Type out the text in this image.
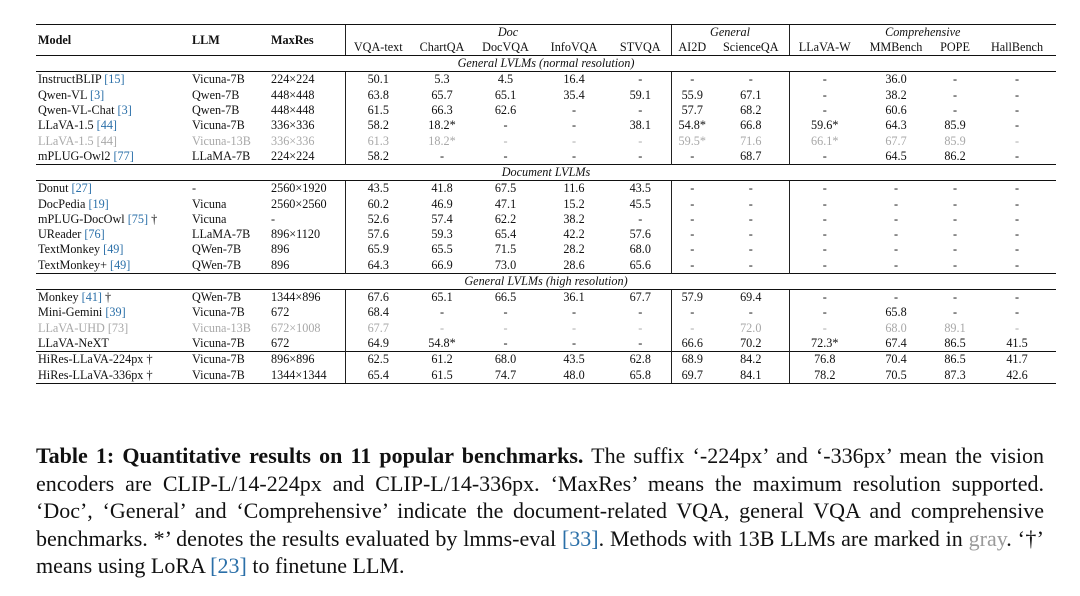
Model	LLM	MaxRes	Doc					General		Comprehensive			
			VQA-text	ChartQA	DocVQA	InfoVQA	STVQA	AI2D	ScienceQA	LLaVA-W	MMBench	POPE	HallBench
General LVLMs (normal resolution)													
InstructBLIP [15]	Vicuna-7B	224×224	50.1	5.3	4.5	16.4	-	-	-	-	36.0	-	-
Qwen-VL [3]	Qwen-7B	448×448	63.8	65.7	65.1	35.4	59.1	55.9	67.1	-	38.2	-	-
Qwen-VL-Chat [3]	Qwen-7B	448×448	61.5	66.3	62.6	-	-	57.7	68.2	-	60.6	-	-
LLaVA-1.5 [44]	Vicuna-7B	336×336	58.2	18.2*	-	-	38.1	54.8*	66.8	59.6*	64.3	85.9	-
LLaVA-1.5 [44]	Vicuna-13B	336×336	61.3	18.2*	-	-	-	59.5*	71.6	66.1*	67.7	85.9	-
mPLUG-Owl2 [77]	LLaMA-7B	224×224	58.2	-	-	-	-	-	68.7	-	64.5	86.2	-
Document LVLMs													
Donut [27]	-	2560×1920	43.5	41.8	67.5	11.6	43.5	-	-	-	-	-	-
DocPedia [19]	Vicuna	2560×2560	60.2	46.9	47.1	15.2	45.5	-	-	-	-	-	-
mPLUG-DocOwl [75] †	Vicuna	-	52.6	57.4	62.2	38.2	-	-	-	-	-	-	-
UReader [76]	LLaMA-7B	896×1120	57.6	59.3	65.4	42.2	57.6	-	-	-	-	-	-
TextMonkey [49]	QWen-7B	896	65.9	65.5	71.5	28.2	68.0	-	-	-	-	-	-
TextMonkey+ [49]	QWen-7B	896	64.3	66.9	73.0	28.6	65.6	-	-	-	-	-	-
General LVLMs (high resolution)													
Monkey [41] †	QWen-7B	1344×896	67.6	65.1	66.5	36.1	67.7	57.9	69.4	-	-	-	-
Mini-Gemini [39]	Vicuna-7B	672	68.4	-	-	-	-	-	-	-	65.8	-	-
LLaVA-UHD [73]	Vicuna-13B	672×1008	67.7	-	-	-	-	-	72.0	-	68.0	89.1	-
LLaVA-NeXT	Vicuna-7B	672	64.9	54.8*	-	-	-	66.6	70.2	72.3*	67.4	86.5	41.5
HiRes-LLaVA-224px †	Vicuna-7B	896×896	62.5	61.2	68.0	43.5	62.8	68.9	84.2	76.8	70.4	86.5	41.7
HiRes-LLaVA-336px †	Vicuna-7B	1344×1344	65.4	61.5	74.7	48.0	65.8	69.7	84.1	78.2	70.5	87.3	42.6
Table 1: Quantitative results on 11 popular benchmarks. The suffix ‘-224px’ and ‘-336px’ mean the vision encoders are CLIP-L/14-224px and CLIP-L/14-336px. ‘MaxRes’ means the maximum resolution supported. ‘Doc’, ‘General’ and ‘Comprehensive’ indicate the document-related VQA, general VQA and comprehensive benchmarks. *’ denotes the results evaluated by lmms-eval [33]. Methods with 13B LLMs are marked in gray. ‘†’ means using LoRA [23] to finetune LLM.
